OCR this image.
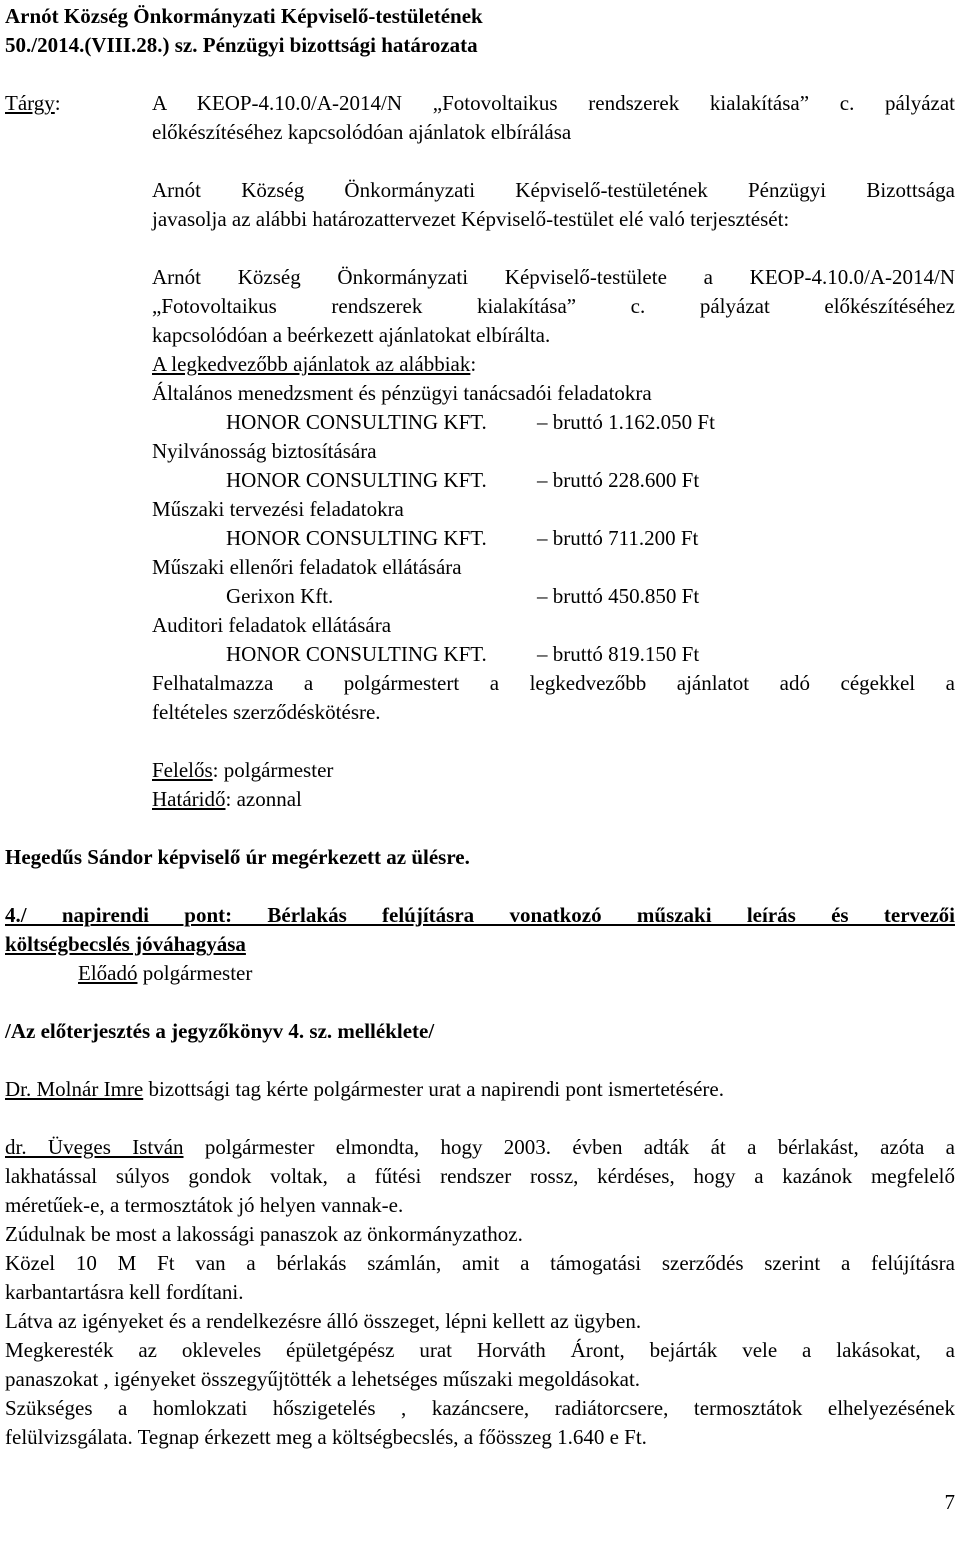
Arnót Község Önkormányzati Képviselő-testületének
50./2014.(VIII.28.) sz. Pénzügyi bizottsági határozata
Tárgy:	A KEOP-4.10.0/A-2014/N „Fotovoltaikus rendszerek kialakítása” c. pályázat
előkészítéséhez kapcsolódóan ajánlatok elbírálása
Arnót Község Önkormányzati Képviselő-testületének Pénzügyi Bizottsága
javasolja az alábbi határozattervezet Képviselő-testület elé való terjesztését:
Arnót Község Önkormányzati Képviselő-testülete a KEOP-4.10.0/A-2014/N
„Fotovoltaikus rendszerek kialakítása” c. pályázat előkészítéséhez
kapcsolódóan a beérkezett ajánlatokat elbírálta.
A legkedvezőbb ajánlatok az alábbiak:
Általános menedzsment és pénzügyi tanácsadói feladatokra
HONOR CONSULTING KFT. – bruttó 1.162.050 Ft
Nyilvánosság biztosítására
HONOR CONSULTING KFT. – bruttó 228.600 Ft
Műszaki tervezési feladatokra
HONOR CONSULTING KFT. – bruttó 711.200 Ft
Műszaki ellenőri feladatok ellátására
Gerixon Kft.	– bruttó 450.850 Ft
Auditori feladatok ellátására
HONOR CONSULTING KFT. – bruttó 819.150 Ft
Felhatalmazza a polgármestert a legkedvezőbb ajánlatot adó cégekkel a
feltételes szerződéskötésre.
Felelős: polgármester
Határidő: azonnal
Hegedűs Sándor képviselő úr megérkezett az ülésre.
4./ napirendi pont: Bérlakás felújításra vonatkozó műszaki leírás és tervezői
költségbecslés jóváhagyása
Előadó polgármester
/Az előterjesztés a jegyzőkönyv 4. sz. melléklete/
Dr. Molnár Imre bizottsági tag kérte polgármester urat a napirendi pont ismertetésére.
dr. Üveges István polgármester elmondta, hogy 2003. évben adták át a bérlakást, azóta a
lakhatással súlyos gondok voltak, a fűtési rendszer rossz, kérdéses, hogy a kazánok megfelelő
méretűek-e, a termosztátok jó helyen vannak-e.
Zúdulnak be most a lakossági panaszok az önkormányzathoz.
Közel 10 M Ft van a bérlakás számlán, amit a támogatási szerződés szerint a felújításra
karbantartásra kell fordítani.
Látva az igényeket és a rendelkezésre álló összeget, lépni kellett az ügyben.
Megkeresték az okleveles épületgépész urat Horváth Áront, bejárták vele a lakásokat, a
panaszokat , igényeket összegyűjtötték a lehetséges műszaki megoldásokat.
Szükséges a homlokzati hőszigetelés , kazáncsere, radiátorcsere, termosztátok elhelyezésének
felülvizsgálata. Tegnap érkezett meg a költségbecslés, a főösszeg 1.640 e Ft.
7
